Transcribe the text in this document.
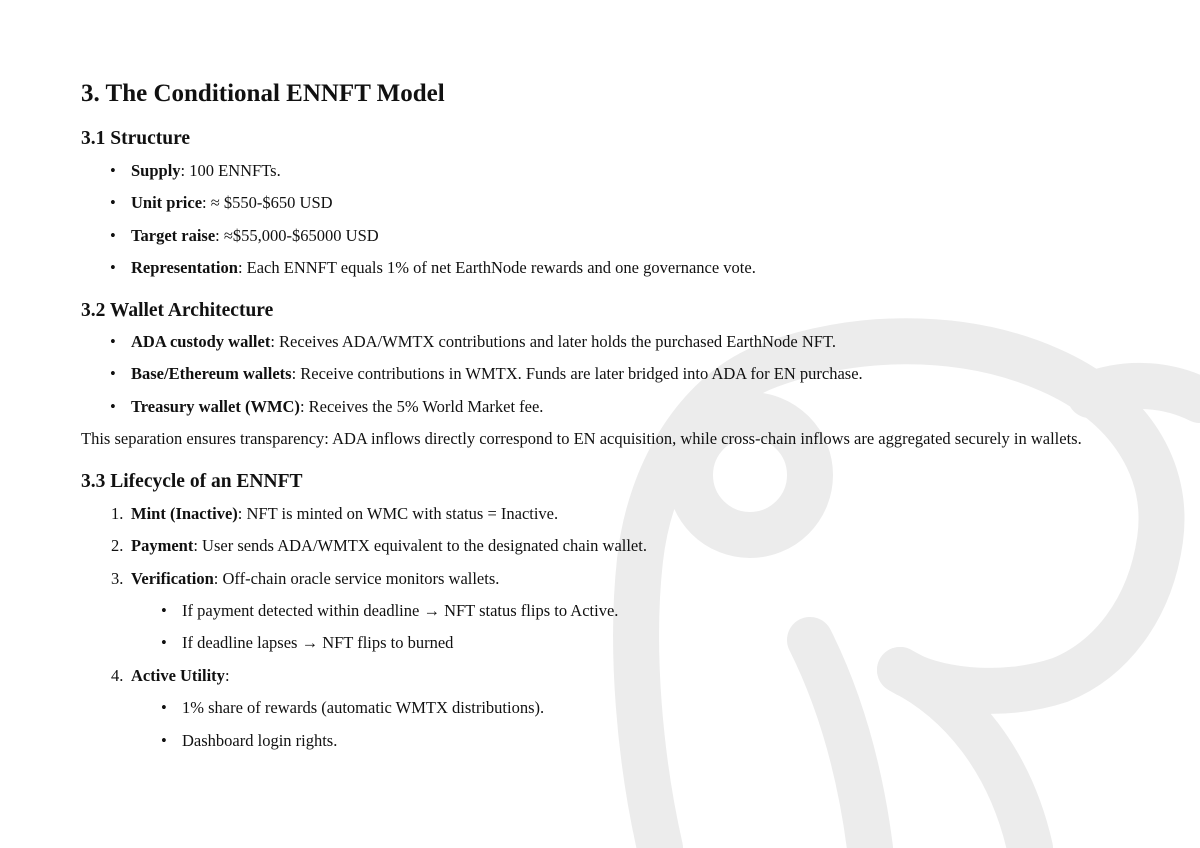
3. The Conditional ENNFT Model
3.1 Structure
• Supply: 100 ENNFTs.
• Unit price: ≈ $550-$650 USD
• Target raise: ≈$55,000-$65000 USD
• Representation: Each ENNFT equals 1% of net EarthNode rewards and one governance vote.
3.2 Wallet Architecture
• ADA custody wallet: Receives ADA/WMTX contributions and later holds the purchased EarthNode NFT.
• Base/Ethereum wallets: Receive contributions in WMTX. Funds are later bridged into ADA for EN purchase.
• Treasury wallet (WMC): Receives the 5% World Market fee.
This separation ensures transparency: ADA inflows directly correspond to EN acquisition, while cross-chain inflows are aggregated securely in wallets.
3.3 Lifecycle of an ENNFT
1. Mint (Inactive): NFT is minted on WMC with status = Inactive.
2. Payment: User sends ADA/WMTX equivalent to the designated chain wallet.
3. Verification: Off-chain oracle service monitors wallets.
• If payment detected within deadline → NFT status flips to Active.
• If deadline lapses → NFT flips to burned
4. Active Utility:
• 1% share of rewards (automatic WMTX distributions).
• Dashboard login rights.
